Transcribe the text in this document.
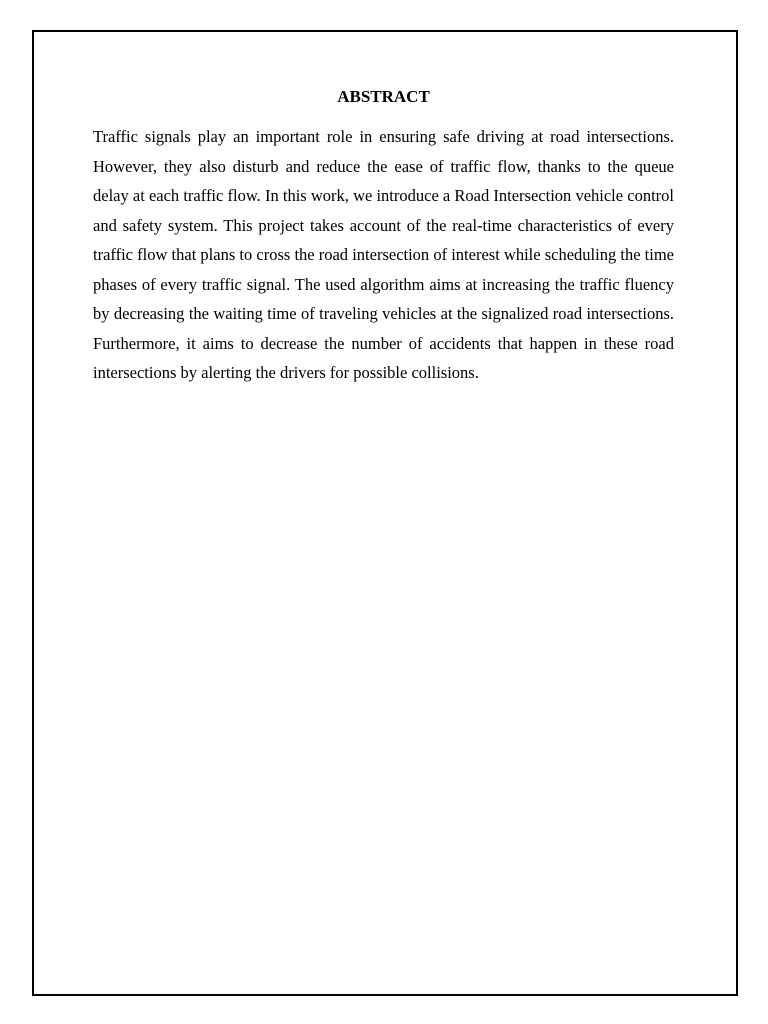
ABSTRACT

Traffic signals play an important role in ensuring safe driving at road intersections. However, they also disturb and reduce the ease of traffic flow, thanks to the queue delay at each traffic flow. In this work, we introduce a Road Intersection vehicle control and safety system. This project takes account of the real-time characteristics of every traffic flow that plans to cross the road intersection of interest while scheduling the time phases of every traffic signal. The used algorithm aims at increasing the traffic fluency by decreasing the waiting time of traveling vehicles at the signalized road intersections. Furthermore, it aims to decrease the number of accidents that happen in these road intersections by alerting the drivers for possible collisions.
